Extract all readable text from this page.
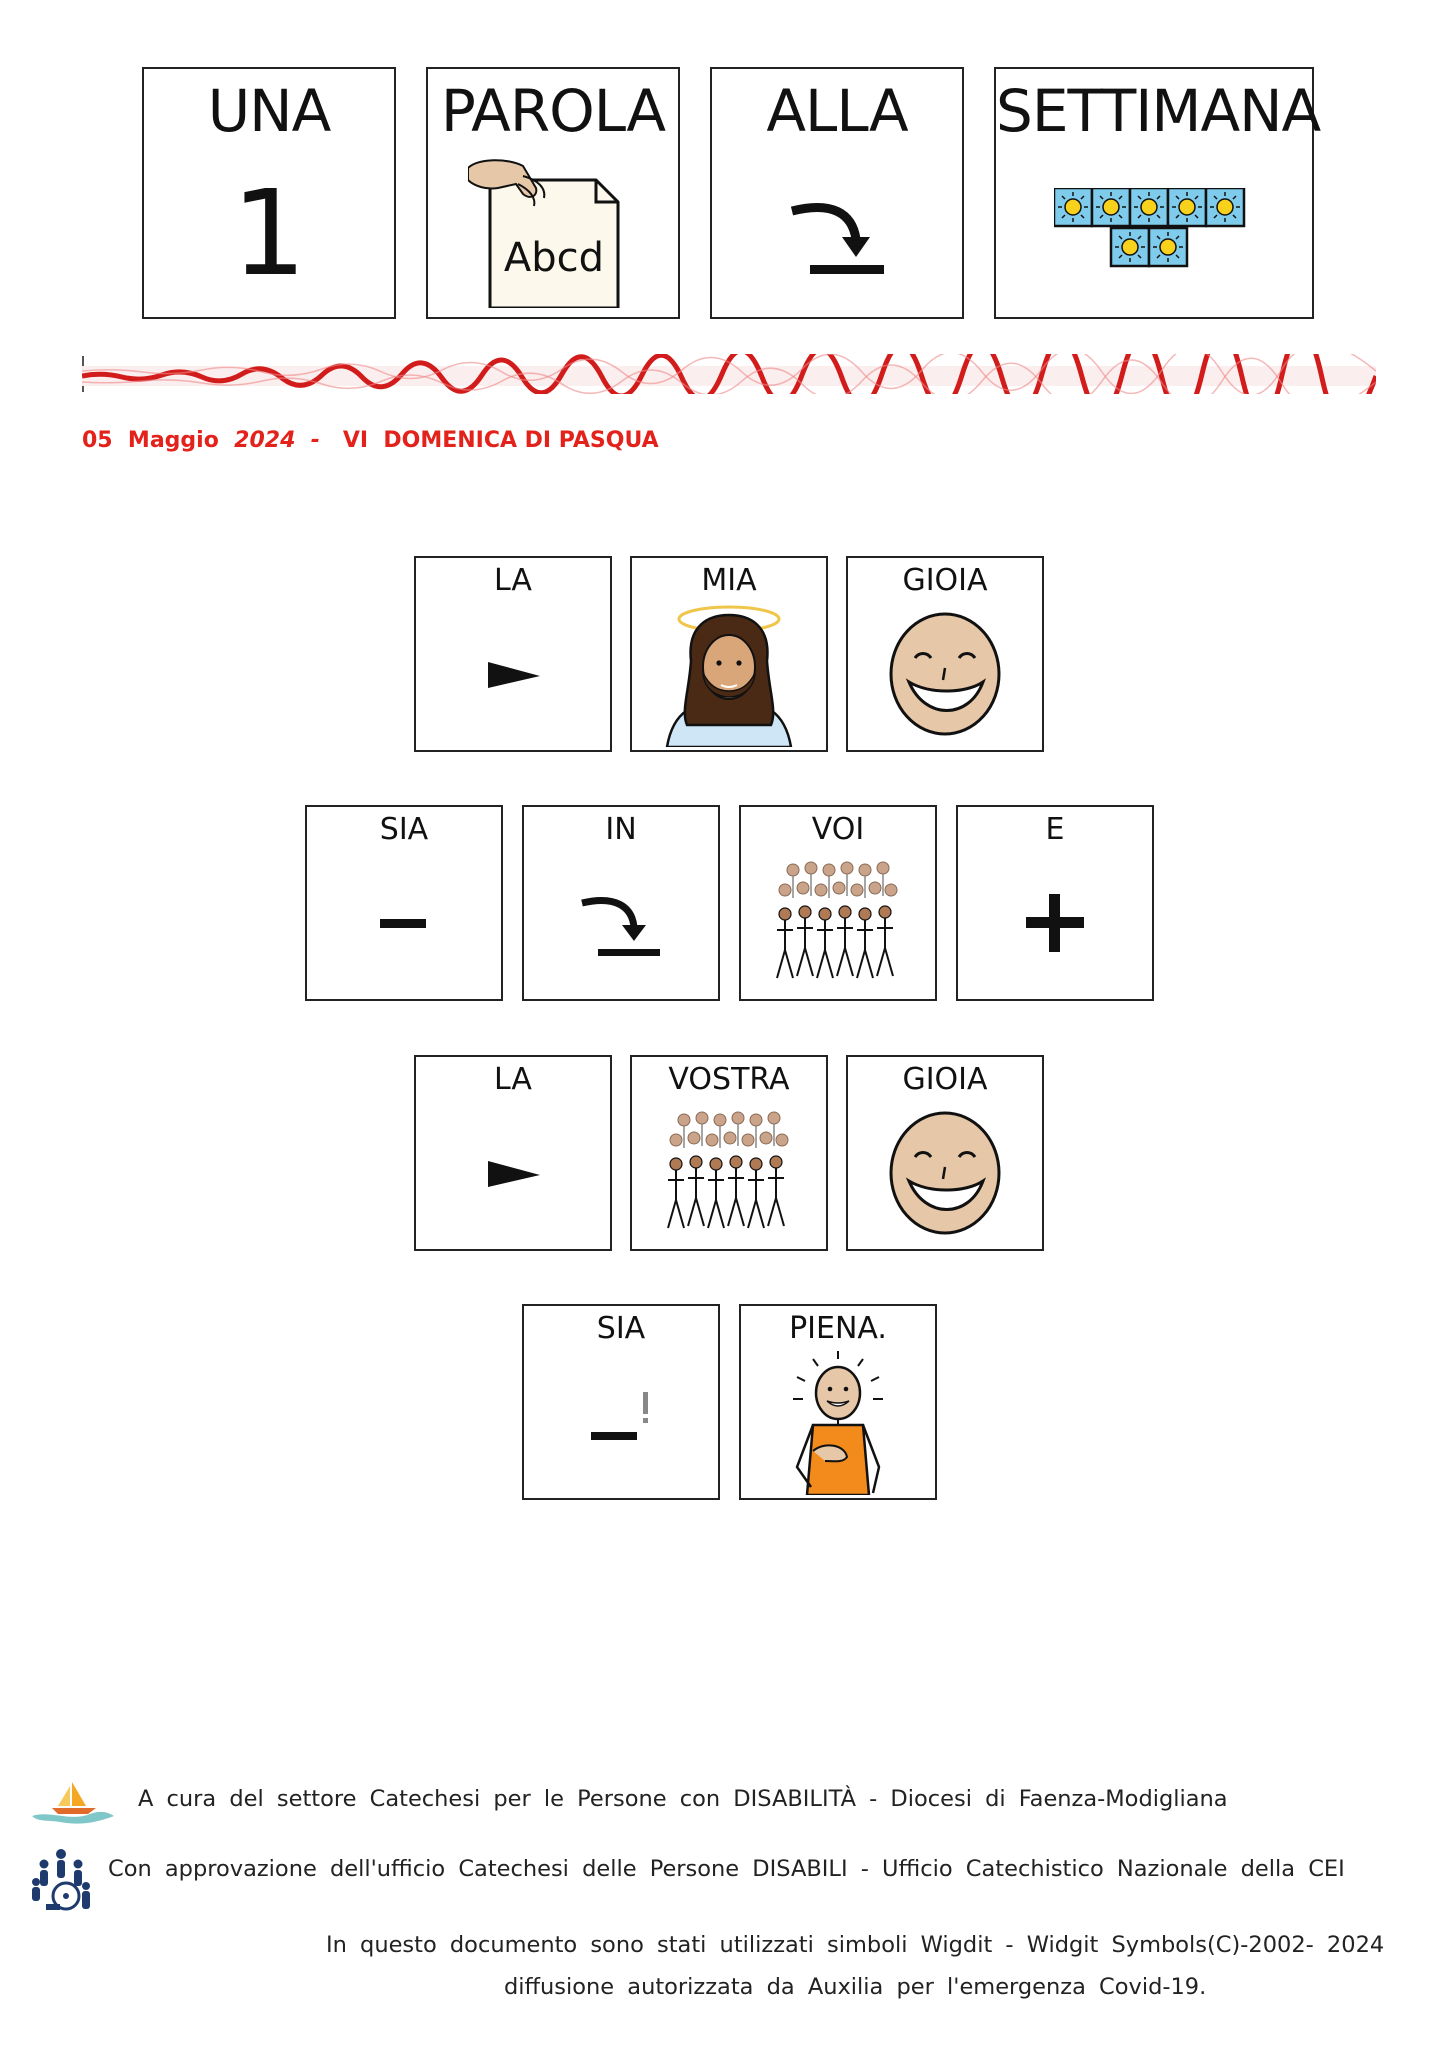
UNA
1
PAROLA
Abcd
ALLA	SETTIMANA
05  Maggio  2024  -   VI  DOMENICA DI PASQUA
LA	MIA	GIOIA
SIA	IN	VOI	E
LA	VOSTRA	GIOIA
SIA	PIENA.
A cura del settore Catechesi per le Persone con DISABILITÀ - Diocesi di Faenza-Modigliana
Con approvazione dell'ufficio Catechesi delle Persone DISABILI - Ufficio Catechistico Nazionale della CEI
In questo documento sono stati utilizzati simboli Wigdit - Widgit Symbols(C)-2002- 2024
diffusione autorizzata da Auxilia per l'emergenza Covid-19.
